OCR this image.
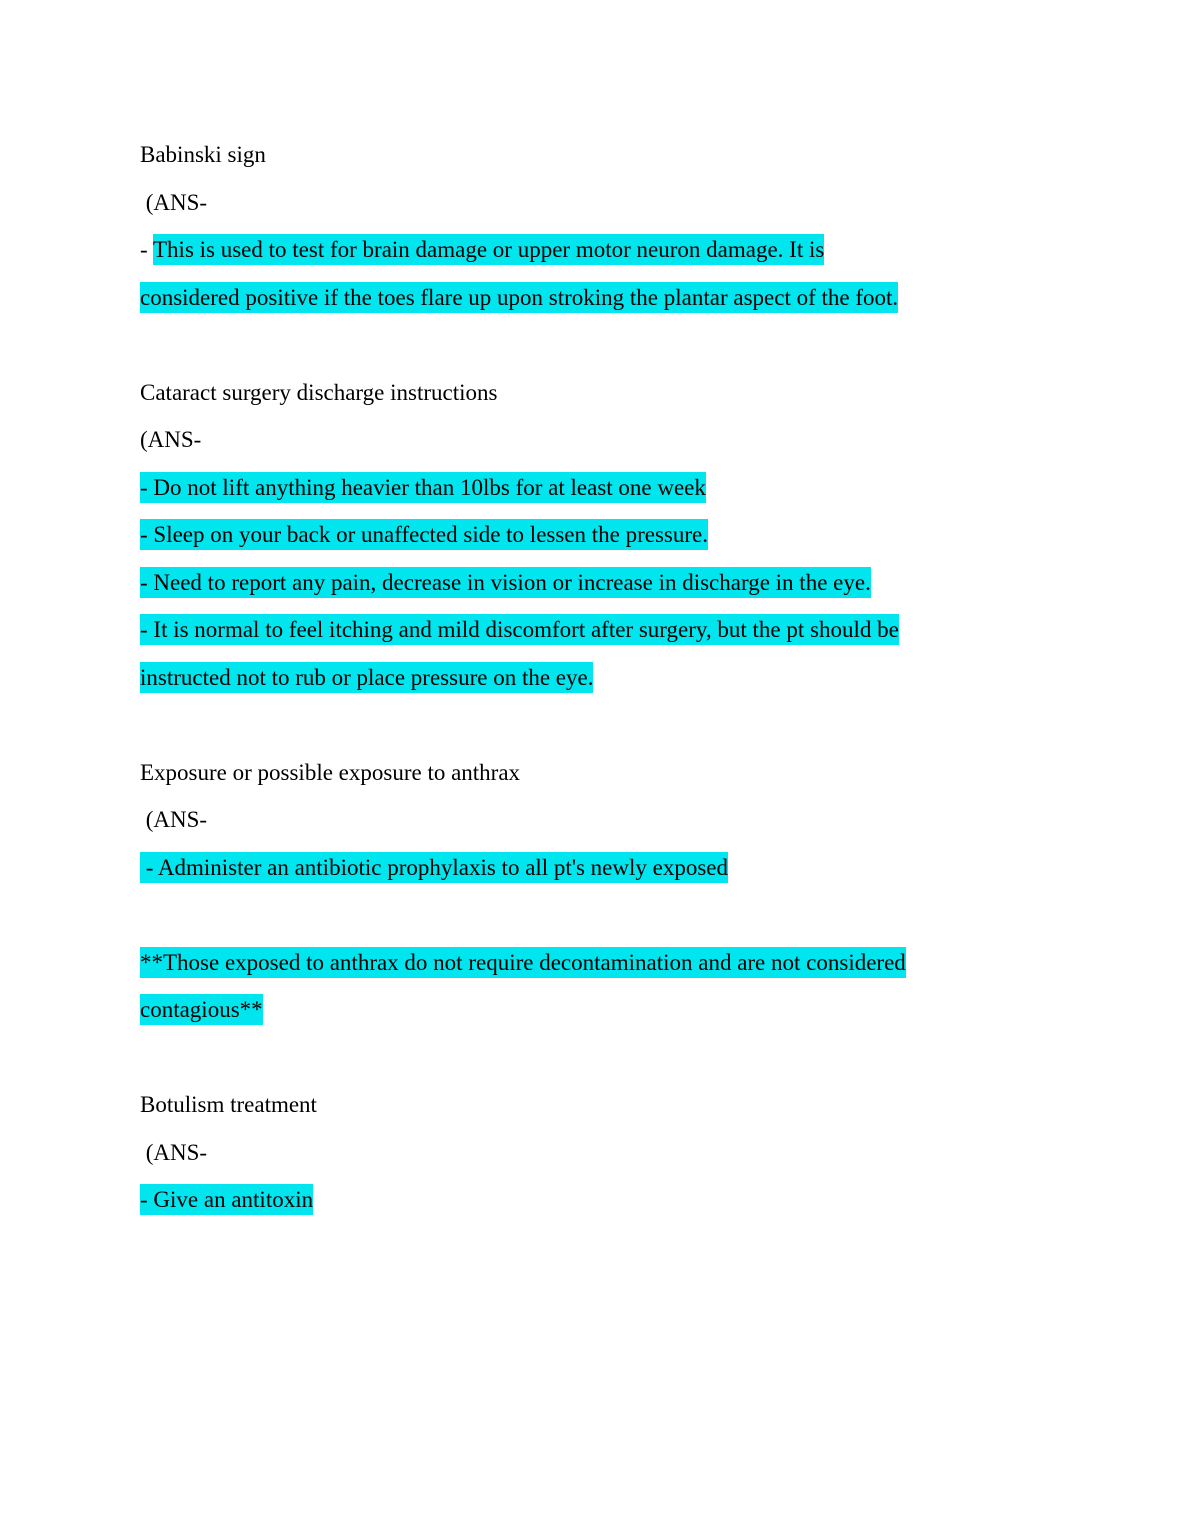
Babinski sign
(ANS-
- This is used to test for brain damage or upper motor neuron damage. It is
considered positive if the toes flare up upon stroking the plantar aspect of the foot.
Cataract surgery discharge instructions
(ANS-
- Do not lift anything heavier than 10lbs for at least one week
- Sleep on your back or unaffected side to lessen the pressure.
- Need to report any pain, decrease in vision or increase in discharge in the eye.
- It is normal to feel itching and mild discomfort after surgery, but the pt should be
instructed not to rub or place pressure on the eye.
Exposure or possible exposure to anthrax
(ANS-
- Administer an antibiotic prophylaxis to all pt's newly exposed
**Those exposed to anthrax do not require decontamination and are not considered
contagious**
Botulism treatment
(ANS-
- Give an antitoxin
